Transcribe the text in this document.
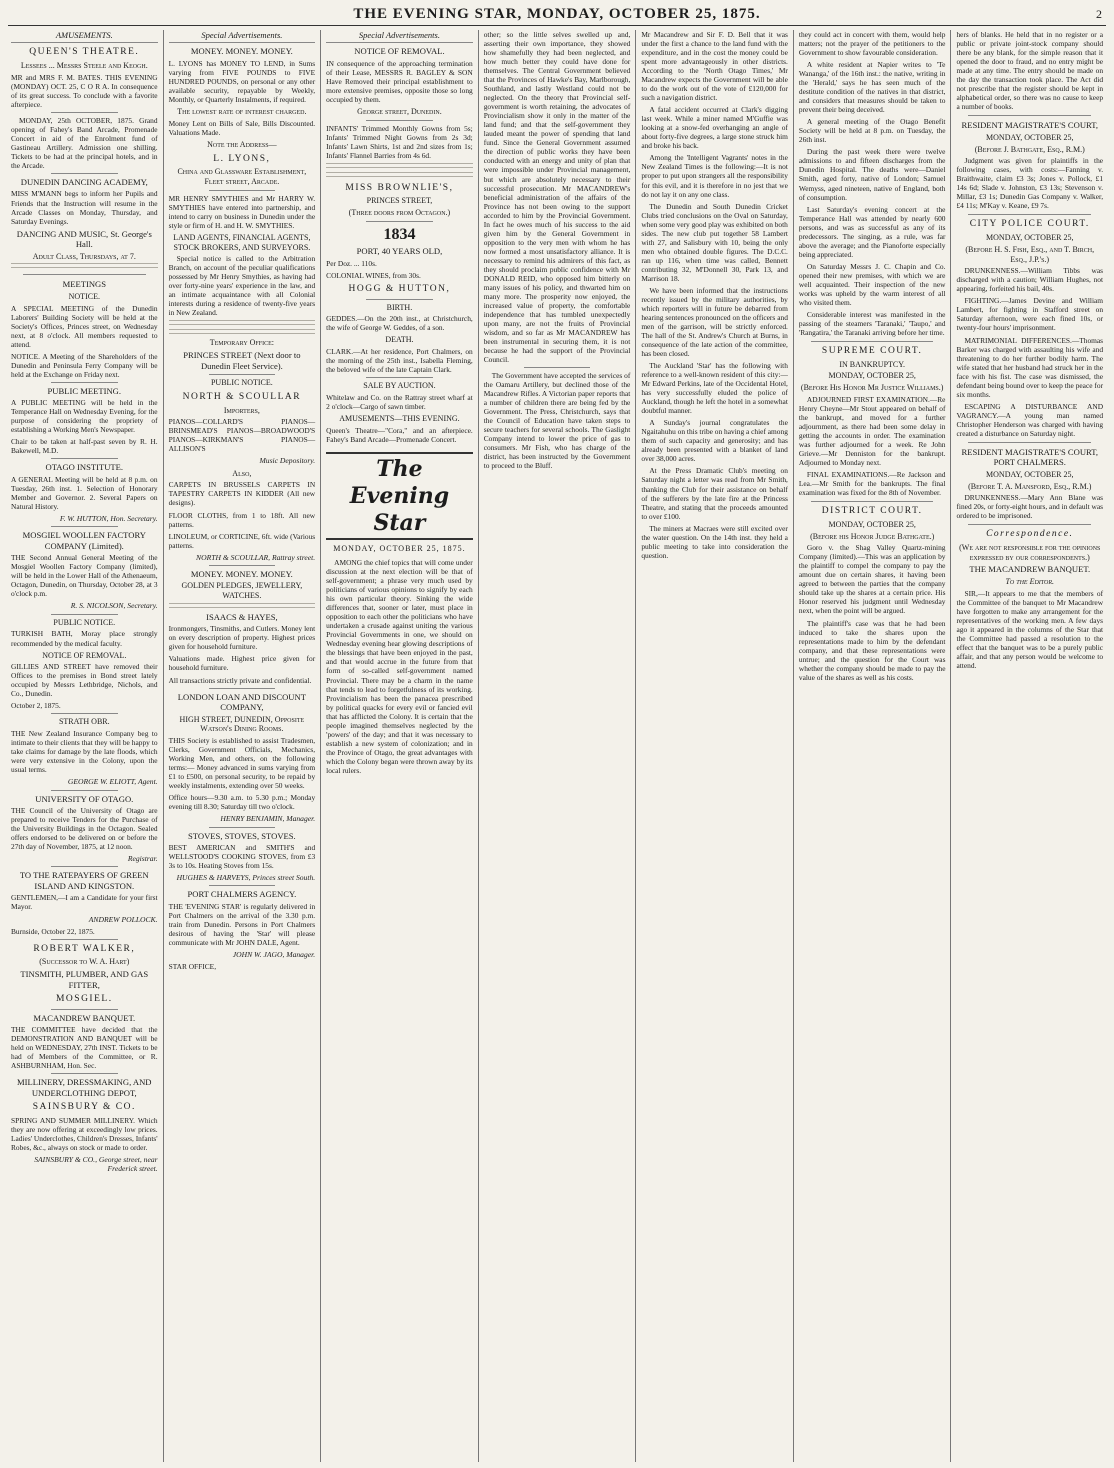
THE EVENING STAR, MONDAY, OCTOBER 25, 1875.	2
AMUSEMENTS.
QUEEN'S THEATRE.
Lessees ... Messrs Steele and Keogh.
MR and MRS F. M. BATES. THIS EVENING (MONDAY) OCT. 25, C O R A. In consequence of its great success. To conclude with a favorite afterpiece.
MONDAY, 25th OCTOBER, 1875. Grand opening of Fahey's Band Arcade, Promenade Concert in aid of the Enrolment fund of Gastineau Artillery. Admission one shilling. Tickets to be had at the principal hotels, and in the Arcade.
DUNEDIN DANCING ACADEMY,
MISS M'MANN begs to inform her Pupils and Friends that the Instruction will resume in the Arcade Classes on Monday, Thursday, and Saturday Evenings.
DANCING AND MUSIC, St. George's Hall.
Adult Class, Thursdays, at 7.
MEETINGS
NOTICE.
A SPECIAL MEETING of the Dunedin Laborers' Building Society will be held at the Society's Offices, Princes street, on Wednesday next, at 8 o'clock. All members requested to attend.
NOTICE. A Meeting of the Shareholders of the Dunedin and Peninsula Ferry Company will be held at the Exchange on Friday next.
PUBLIC MEETING.
A PUBLIC MEETING will be held in the Temperance Hall on Wednesday Evening, for the purpose of considering the propriety of establishing a Working Men's Newspaper.
Chair to be taken at half-past seven by R. H. Bakewell, M.D.
OTAGO INSTITUTE.
A GENERAL Meeting will be held at 8 p.m. on Tuesday, 26th inst. 1. Selection of Honorary Member and Governor. 2. Several Papers on Natural History.
F. W. HUTTON, Hon. Secretary.
MOSGIEL WOOLLEN FACTORY COMPANY (Limited).
THE Second Annual General Meeting of the Mosgiel Woollen Factory Company (limited), will be held in the Lower Hall of the Athenaeum, Octagon, Dunedin, on Thursday, October 28, at 3 o'clock p.m.
R. S. NICOLSON, Secretary.
PUBLIC NOTICE.
TURKISH BATH, Moray place strongly recommended by the medical faculty.
NOTICE OF REMOVAL.
GILLIES AND STREET have removed their Offices to the premises in Bond street lately occupied by Messrs Lethbridge, Nichols, and Co., Dunedin.
October 2, 1875.
STRATH OBR.
THE New Zealand Insurance Company beg to intimate to their clients that they will be happy to take claims for damage by the late floods, which were very extensive in the Colony, upon the usual terms.
GEORGE W. ELIOTT, Agent.
UNIVERSITY OF OTAGO.
THE Council of the University of Otago are prepared to receive Tenders for the Purchase of the University Buildings in the Octagon. Sealed offers endorsed to be delivered on or before the 27th day of November, 1875, at 12 noon.
Registrar.
TO THE RATEPAYERS OF GREEN ISLAND AND KINGSTON.
GENTLEMEN,—I am a Candidate for your first Mayor.
ANDREW POLLOCK.
Burnside, October 22, 1875.
ROBERT WALKER,
(Successor to W. A. Hart)
TINSMITH, PLUMBER, AND GAS FITTER,
MOSGIEL.
MACANDREW BANQUET.
THE COMMITTEE have decided that the DEMONSTRATION AND BANQUET will be held on WEDNESDAY, 27th INST. Tickets to be had of Members of the Committee, or R. ASHBURNHAM, Hon. Sec.
MILLINERY, DRESSMAKING, AND UNDERCLOTHING DEPOT,
SAINSBURY & CO.
SPRING AND SUMMER MILLINERY. Which they are now offering at exceedingly low prices. Ladies' Underclothes, Children's Dresses, Infants' Robes, &c., always on stock or made to order.
SAINSBURY & CO., George street, near Frederick street.
Special Advertisements.
MONEY. MONEY. MONEY.
L. LYONS has MONEY TO LEND, in Sums varying from FIVE POUNDS to FIVE HUNDRED POUNDS, on personal or any other available security, repayable by Weekly, Monthly, or Quarterly Instalments, if required.
The lowest rate of interest charged.
Money Lent on Bills of Sale, Bills Discounted. Valuations Made.
Note the Address—
L. LYONS,
China and Glassware Establishment, Fleet street, Arcade.
MR HENRY SMYTHIES and Mr HARRY W. SMYTHIES have entered into partnership, and intend to carry on business in Dunedin under the style or firm of H. and H. W. SMYTHIES.
LAND AGENTS, FINANCIAL AGENTS, STOCK BROKERS, AND SURVEYORS.
Special notice is called to the Arbitration Branch, on account of the peculiar qualifications possessed by Mr Henry Smythies, as having had over forty-nine years' experience in the law, and an intimate acquaintance with all Colonial interests during a residence of twenty-five years in New Zealand.
Temporary Office:
PRINCES STREET (Next door to Dunedin Fleet Service).
PUBLIC NOTICE.
NORTH & SCOULLAR
Importers,
PIANOS—COLLARD'S PIANOS—BRINSMEAD'S PIANOS—BROADWOOD'S PIANOS—KIRKMAN'S PIANOS—ALLISON'S
Music Depository.
Also,
CARPETS IN BRUSSELS CARPETS IN TAPESTRY CARPETS IN KIDDER (All new designs).
FLOOR CLOTHS, from 1 to 18ft. All new patterns.
LINOLEUM, or CORTICINE, 6ft. wide (Various patterns.
NORTH & SCOULLAR, Rattray street.
MONEY. MONEY. MONEY.
GOLDEN PLEDGES, JEWELLERY, WATCHES.
ISAACS & HAYES,
Ironmongers, Tinsmiths, and Cutlers. Money lent on every description of property. Highest prices given for household furniture.
Valuations made. Highest price given for household furniture.
All transactions strictly private and confidential.
LONDON LOAN AND DISCOUNT COMPANY,
HIGH STREET, DUNEDIN, Opposite Watson's Dining Rooms.
THIS Society is established to assist Tradesmen, Clerks, Government Officials, Mechanics, Working Men, and others, on the following terms:— Money advanced in sums varying from £1 to £500, on personal security, to be repaid by weekly instalments, extending over 50 weeks.
Office hours—9.30 a.m. to 5.30 p.m.; Monday evening till 8.30; Saturday till two o'clock.
HENRY BENJAMIN, Manager.
STOVES, STOVES, STOVES.
BEST AMERICAN and SMITH'S and WELLSTOOD'S COOKING STOVES, from £3 3s to 10s. Heating Stoves from 15s.
HUGHES & HARVEYS, Princes street South.
PORT CHALMERS AGENCY.
THE 'EVENING STAR' is regularly delivered in Port Chalmers on the arrival of the 3.30 p.m. train from Dunedin. Persons in Port Chalmers desirous of having the 'Star' will please communicate with Mr JOHN DALE, Agent.
JOHN W. JAGO, Manager.
STAR OFFICE,
Special Advertisements.
NOTICE OF REMOVAL.
IN consequence of the approaching termination of their Lease, MESSRS R. BAGLEY & SON Have Removed their principal establishment to more extensive premises, opposite those so long occupied by them.
George street, Dunedin.
INFANTS' Trimmed Monthly Gowns from 5s; Infants' Trimmed Night Gowns from 2s 3d; Infants' Lawn Shirts, 1st and 2nd sizes from 1s; Infants' Flannel Barries from 4s 6d.
MISS BROWNLIE'S,
PRINCES STREET,
(Three doors from Octagon.)
1834
PORT, 40 YEARS OLD,
Per Doz. ... 110s.
COLONIAL WINES, from 30s.
HOGG & HUTTON,
BIRTH.
GEDDES.—On the 20th inst., at Christchurch, the wife of George W. Geddes, of a son.
DEATH.
CLARK.—At her residence, Port Chalmers, on the morning of the 25th inst., Isabella Fleming, the beloved wife of the late Captain Clark.
SALE BY AUCTION.
Whitelaw and Co. on the Rattray street wharf at 2 o'clock—Cargo of sawn timber.
AMUSEMENTS—THIS EVENING.
Queen's Theatre—"Cora," and an afterpiece. Fahey's Band Arcade—Promenade Concert.
The Evening Star
MONDAY, OCTOBER 25, 1875.
AMONG the chief topics that will come under discussion at the next election will be that of self-government; a phrase very much used by politicians of various opinions to signify by each his own particular theory. Sinking the wide differences that, sooner or later, must place in opposition to each other the politicians who have undertaken a crusade against uniting the various Provincial Governments in one, we should on Wednesday evening hear glowing descriptions of the blessings that have been enjoyed in the past, and that would accrue in the future from that form of so-called self-government named Provincial. There may be a charm in the name that tends to lead to forgetfulness of its working. Provincialism has been the panacea prescribed by political quacks for every evil or fancied evil that has afflicted the Colony. It is certain that the people imagined themselves neglected by the 'powers' of the day; and that it was necessary to establish a new system of colonization; and in the Province of Otago, the great advantages with which the Colony began were thrown away by its local rulers.
other; so the little selves swelled up and, asserting their own importance, they showed how shamefully they had been neglected, and how much better they could have done for themselves. The Central Government believed that the Provinces of Hawke's Bay, Marlborough, Southland, and lastly Westland could not be neglected. On the theory that Provincial self-government is worth retaining, the advocates of Provincialism show it only in the matter of the land fund; and that the self-government they lauded meant the power of spending that land fund. Since the General Government assumed the direction of public works they have been conducted with an energy and unity of plan that were impossible under Provincial management, but which are absolutely necessary to their successful prosecution. Mr MACANDREW's beneficial administration of the affairs of the Province has not been owing to the support accorded to him by the Provincial Government. In fact he owes much of his success to the aid given him by the General Government in opposition to the very men with whom he has now formed a most unsatisfactory alliance. It is necessary to remind his admirers of this fact, as they should proclaim public confidence with Mr DONALD REID, who opposed him bitterly on many issues of his policy, and thwarted him on many more. The prosperity now enjoyed, the increased value of property, the comfortable independence that has tumbled unexpectedly upon many, are not the fruits of Provincial wisdom, and so far as Mr MACANDREW has been instrumental in securing them, it is not because he had the support of the Provincial Council.
The Government have accepted the services of the Oamaru Artillery, but declined those of the Macandrew Rifles. A Victorian paper reports that a number of children there are being fed by the Government. The Press, Christchurch, says that the Council of Education have taken steps to secure teachers for several schools. The Gaslight Company intend to lower the price of gas to consumers. Mr Fish, who has charge of the district, has been instructed by the Government to proceed to the Bluff.
Mr Macandrew and Sir F. D. Bell that it was under the first a chance to the land fund with the expenditure, and in the cost the money could be spent more advantageously in other districts. According to the 'North Otago Times,' Mr Macandrew expects the Government will be able to do the work out of the vote of £120,000 for such a navigation district.
A fatal accident occurred at Clark's digging last week. While a miner named M'Guffie was looking at a snow-fed overhanging an angle of about forty-five degrees, a large stone struck him and broke his back.
Among the 'Intelligent Vagrants' notes in the New Zealand Times is the following:—It is not proper to put upon strangers all the responsibility for this evil, and it is therefore in no jest that we do not lay it on any one class.
The Dunedin and South Dunedin Cricket Clubs tried conclusions on the Oval on Saturday, when some very good play was exhibited on both sides. The new club put together 58 Lambert with 27, and Salisbury with 10, being the only men who obtained double figures. The D.C.C. ran up 116, when time was called, Bennett contributing 32, M'Donnell 30, Park 13, and Marrison 18.
We have been informed that the instructions recently issued by the military authorities, by which reporters will in future be debarred from hearing sentences pronounced on the officers and men of the garrison, will be strictly enforced. The hall of the St. Andrew's Church at Burns, in consequence of the late action of the committee, has been closed.
The Auckland 'Star' has the following with reference to a well-known resident of this city:—Mr Edward Perkins, late of the Occidental Hotel, has very successfully eluded the police of Auckland, though he left the hotel in a somewhat doubtful manner.
A Sunday's journal congratulates the Ngaitahuhu on this tribe on having a chief among them of such capacity and generosity; and has already been presented with a blanket of land over 38,000 acres.
At the Press Dramatic Club's meeting on Saturday night a letter was read from Mr Smith, thanking the Club for their assistance on behalf of the sufferers by the late fire at the Princess Theatre, and stating that the proceeds amounted to over £100.
The miners at Macraes were still excited over the water question. On the 14th inst. they held a public meeting to take into consideration the question.
they could act in concert with them, would help matters; not the prayer of the petitioners to the Government to show favourable consideration.
A white resident at Napier writes to 'Te Wananga,' of the 16th inst.: the native, writing in the 'Herald,' says he has seen much of the destitute condition of the natives in that district, and considers that measures should be taken to prevent their being deceived.
A general meeting of the Otago Benefit Society will be held at 8 p.m. on Tuesday, the 26th inst.
During the past week there were twelve admissions to and fifteen discharges from the Dunedin Hospital. The deaths were—Daniel Smith, aged forty, native of London; Samuel Wemyss, aged nineteen, native of England, both of consumption.
Last Saturday's evening concert at the Temperance Hall was attended by nearly 600 persons, and was as successful as any of its predecessors. The singing, as a rule, was far above the average; and the Pianoforte especially being appreciated.
On Saturday Messrs J. C. Chapin and Co. opened their new premises, with which we are well acquainted. Their inspection of the new works was upheld by the warm interest of all who visited them.
Considerable interest was manifested in the passing of the steamers 'Taranaki,' 'Taupo,' and 'Rangatira,' the Taranaki arriving before her time.
SUPREME COURT.
IN BANKRUPTCY.
MONDAY, OCTOBER 25,
(Before His Honor Mr Justice Williams.)
ADJOURNED FIRST EXAMINATION.—Re Henry Cheyne—Mr Stout appeared on behalf of the bankrupt, and moved for a further adjournment, as there had been some delay in getting the accounts in order. The examination was further adjourned for a week. Re John Grieve.—Mr Denniston for the bankrupt. Adjourned to Monday next.
FINAL EXAMINATIONS.—Re Jackson and Lea.—Mr Smith for the bankrupts. The final examination was fixed for the 8th of November.
DISTRICT COURT.
MONDAY, OCTOBER 25,
(Before his Honor Judge Bathgate.)
Goro v. the Shag Valley Quartz-mining Company (limited).—This was an application by the plaintiff to compel the company to pay the amount due on certain shares, it having been agreed to between the parties that the company should take up the shares at a certain price. His Honor reserved his judgment until Wednesday next, when the point will be argued.
The plaintiff's case was that he had been induced to take the shares upon the representations made to him by the defendant company, and that these representations were untrue; and the question for the Court was whether the company should be made to pay the value of the shares as well as his costs.
hers of blanks. He held that in no register or a public or private joint-stock company should there be any blank, for the simple reason that it opened the door to fraud, and no entry might be made at any time. The entry should be made on the day the transaction took place. The Act did not prescribe that the register should be kept in alphabetical order, so there was no cause to keep a number of books.
RESIDENT MAGISTRATE'S COURT,
MONDAY, OCTOBER 25,
(Before J. Bathgate, Esq., R.M.)
Judgment was given for plaintiffs in the following cases, with costs:—Fanning v. Braithwaite, claim £3 3s; Jones v. Pollock, £1 14s 6d; Slade v. Johnston, £3 13s; Stevenson v. Millar, £3 1s; Dunedin Gas Company v. Walker, £4 11s; M'Kay v. Keane, £9 7s.
CITY POLICE COURT.
MONDAY, OCTOBER 25,
(Before H. S. Fish, Esq., and T. Birch, Esq., J.P.'s.)
DRUNKENNESS.—William Tibbs was discharged with a caution; William Hughes, not appearing, forfeited his bail, 40s.
FIGHTING.—James Devine and William Lambert, for fighting in Stafford street on Saturday afternoon, were each fined 10s, or twenty-four hours' imprisonment.
MATRIMONIAL DIFFERENCES.—Thomas Barker was charged with assaulting his wife and threatening to do her further bodily harm. The wife stated that her husband had struck her in the face with his fist. The case was dismissed, the defendant being bound over to keep the peace for six months.
ESCAPING A DISTURBANCE AND VAGRANCY.—A young man named Christopher Henderson was charged with having created a disturbance on Saturday night.
RESIDENT MAGISTRATE'S COURT, PORT CHALMERS.
MONDAY, OCTOBER 25,
(Before T. A. Mansford, Esq., R.M.)
DRUNKENNESS.—Mary Ann Blane was fined 20s, or forty-eight hours, and in default was ordered to be imprisoned.
Correspondence.
(We are not responsible for the opinions expressed by our correspondents.)
THE MACANDREW BANQUET.
To the Editor.
SIR,—It appears to me that the members of the Committee of the banquet to Mr Macandrew have forgotten to make any arrangement for the representatives of the working men. A few days ago it appeared in the columns of the Star that the Committee had passed a resolution to the effect that the banquet was to be a purely public affair, and that any person would be welcome to attend.
